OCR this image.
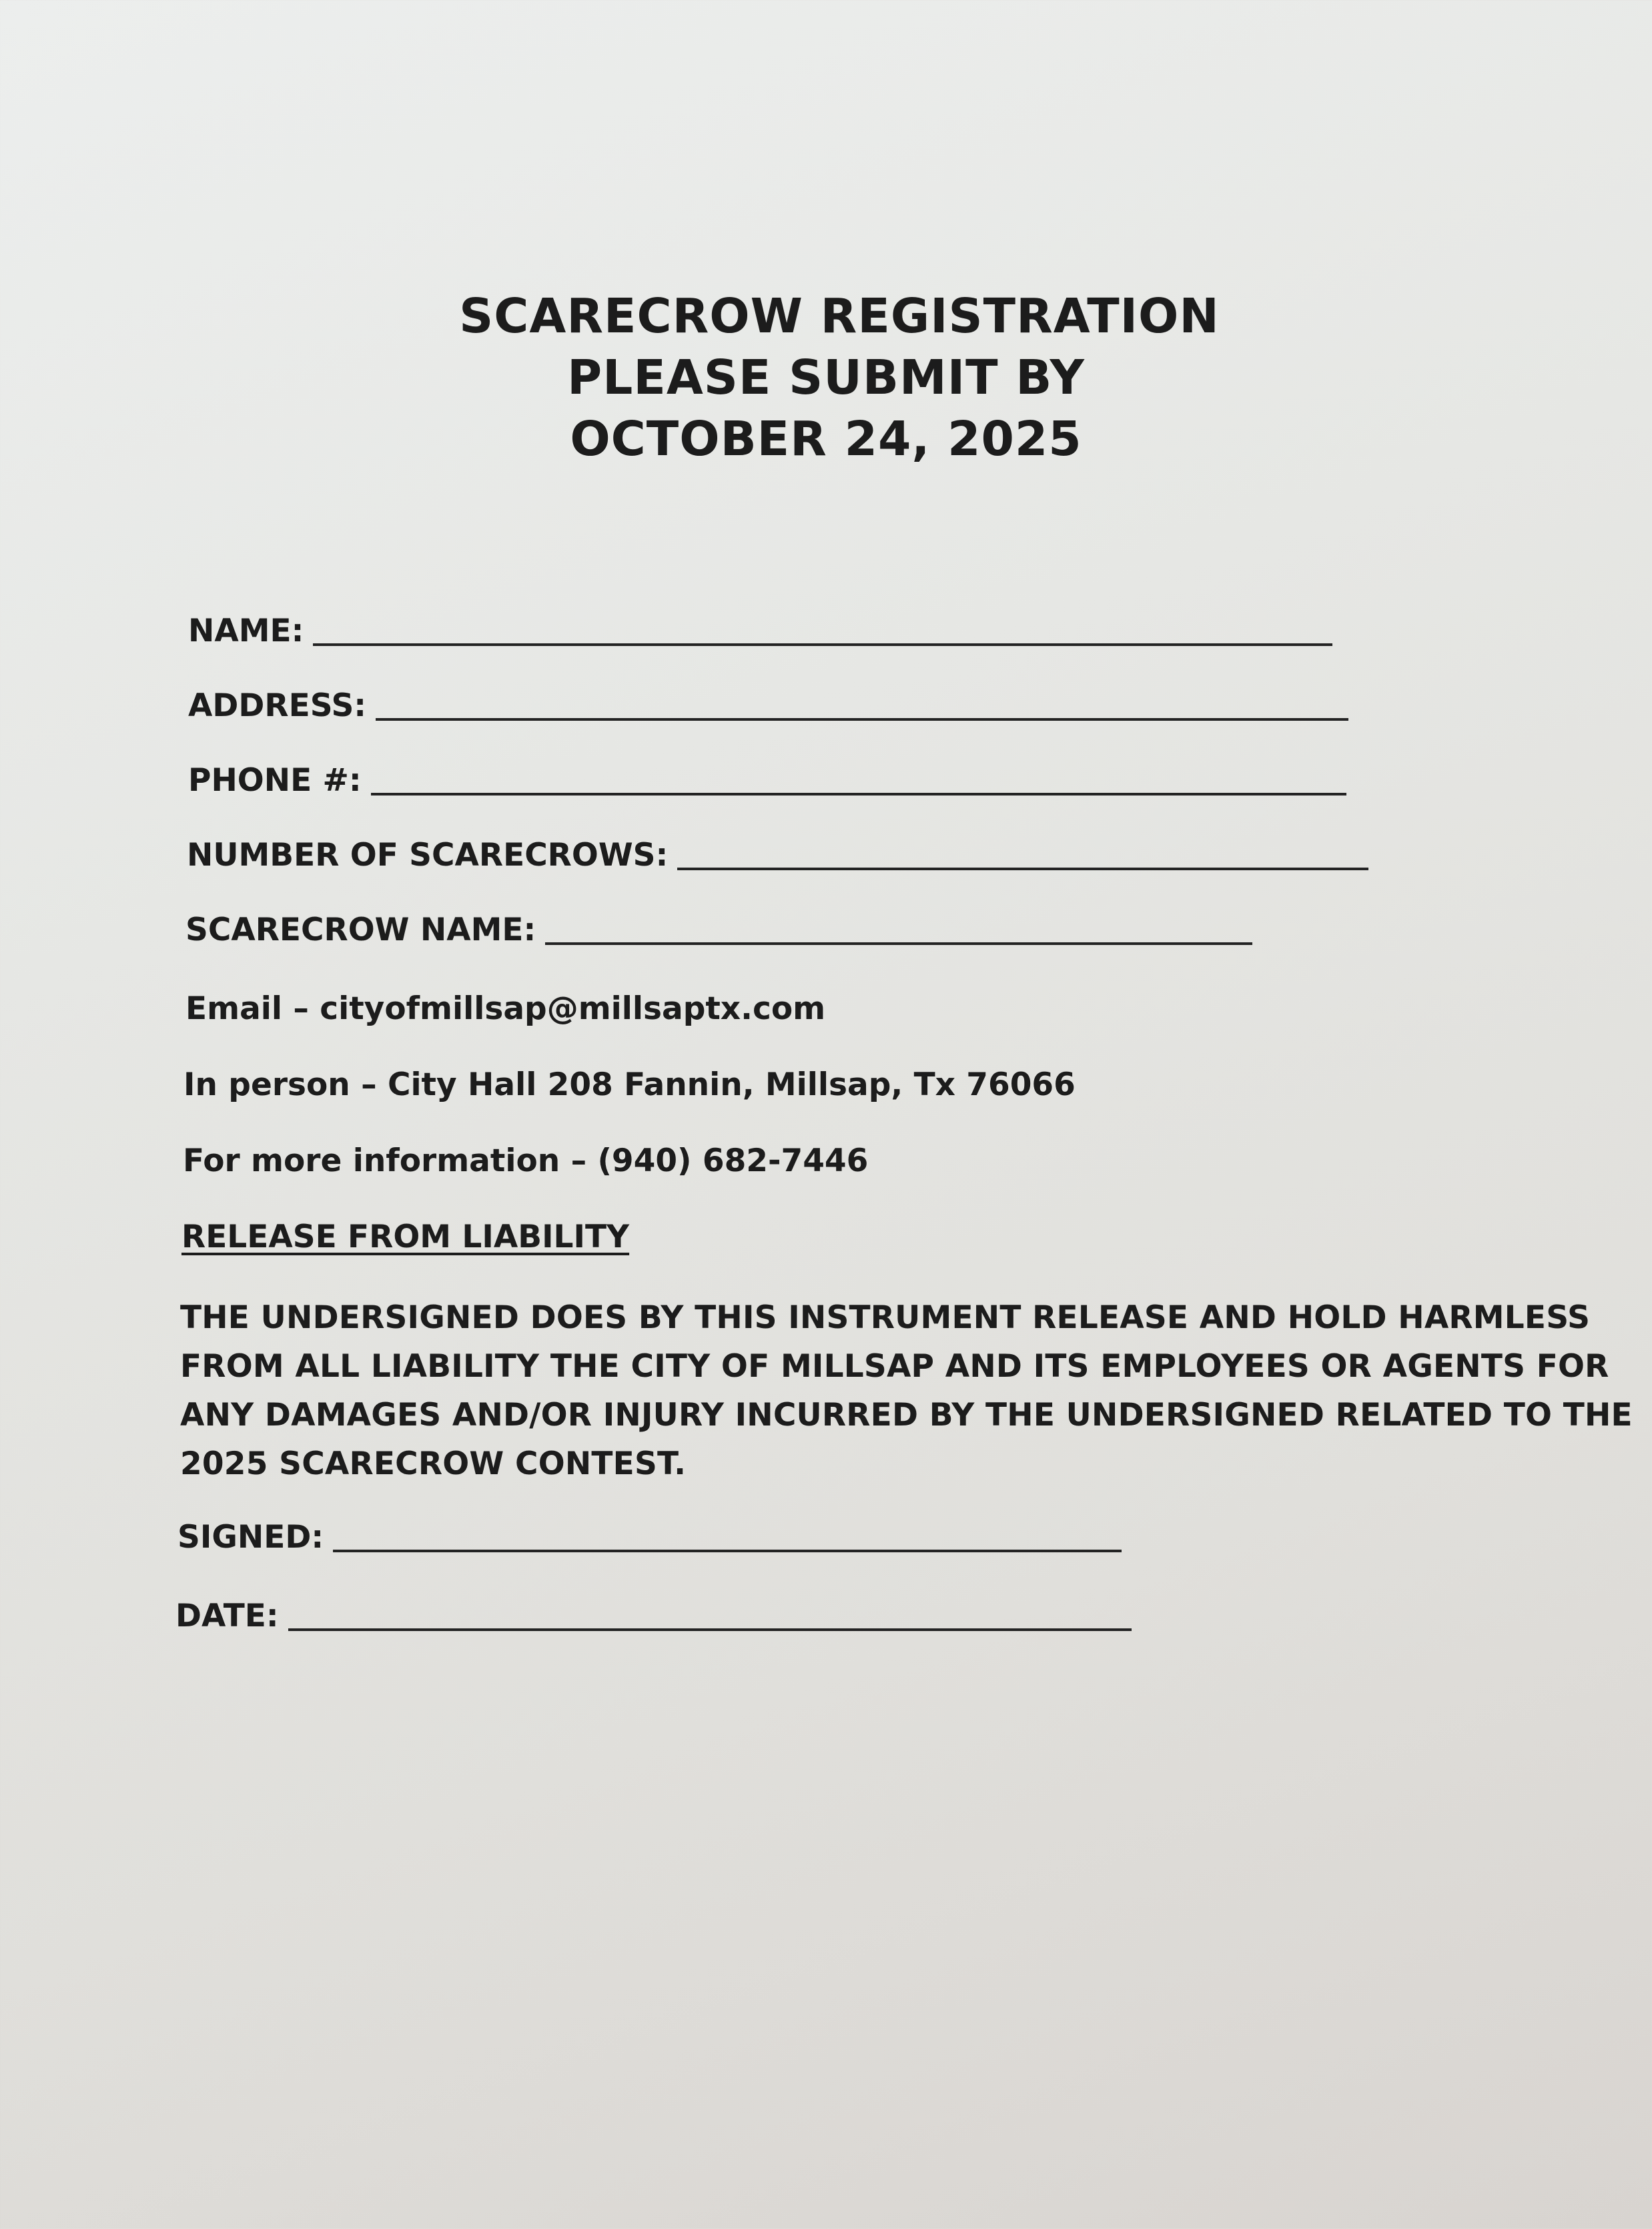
SCARECROW REGISTRATION
PLEASE SUBMIT BY
OCTOBER 24, 2025
NAME:
ADDRESS:
PHONE #:
NUMBER OF SCARECROWS:
SCARECROW NAME:
Email – cityofmillsap@millsaptx.com
In person – City Hall 208 Fannin, Millsap, Tx 76066
For more information – (940) 682-7446
RELEASE FROM LIABILITY
THE UNDERSIGNED DOES BY THIS INSTRUMENT RELEASE AND HOLD HARMLESS
FROM ALL LIABILITY THE CITY OF MILLSAP AND ITS EMPLOYEES OR AGENTS FOR
ANY DAMAGES AND/OR INJURY INCURRED BY THE UNDERSIGNED RELATED TO THE
2025 SCARECROW CONTEST.
SIGNED:
DATE:
